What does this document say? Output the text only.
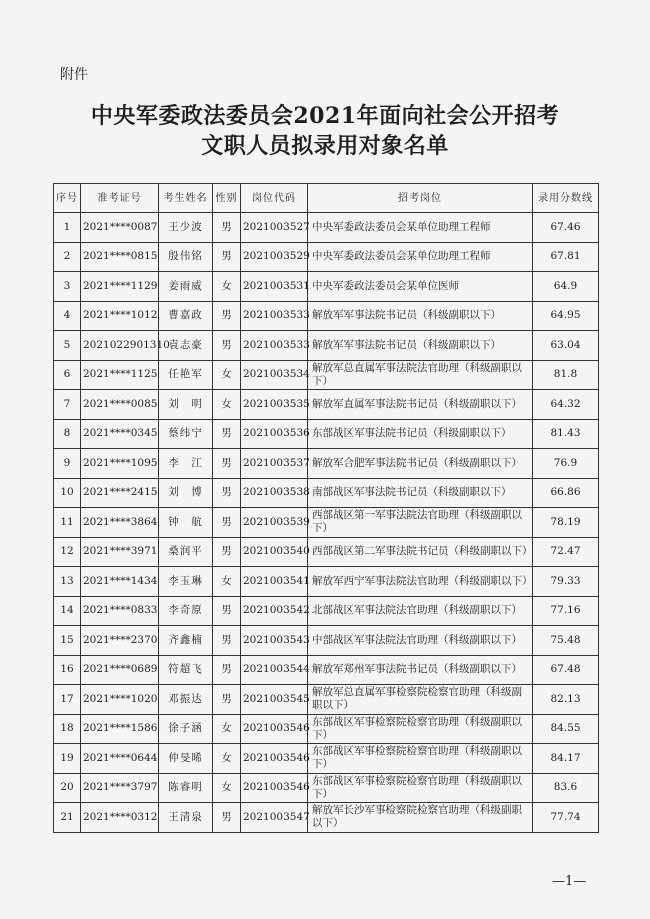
附件
中央军委政法委员会2021年面向社会公开招考
文职人员拟录用对象名单
序号	准考证号	考生姓名	性别	岗位代码	招考岗位	录用分数线
1	2021****0087	王少波	男	2021003527	中央军委政法委员会某单位助理工程师	67.46
2	2021****0815	殷伟铭	男	2021003529	中央军委政法委员会某单位助理工程师	67.81
3	2021****1129	姜雨威	女	2021003531	中央军委政法委员会某单位医师	64.9
4	2021****1012	曹嘉政	男	2021003533	解放军军事法院书记员（科级副职以下）	64.95
5	2021022901310	袁志豪	男	2021003533	解放军军事法院书记员（科级副职以下）	63.04
6	2021****1125	任艳军	女	2021003534	解放军总直属军事法院法官助理（科级副职以下）	81.8
7	2021****0085	刘　明	女	2021003535	解放军直属军事法院书记员（科级副职以下）	64.32
8	2021****0345	蔡纬宁	男	2021003536	东部战区军事法院书记员（科级副职以下）	81.43
9	2021****1095	李　江	男	2021003537	解放军合肥军事法院书记员（科级副职以下）	76.9
10	2021****2415	刘　博	男	2021003538	南部战区军事法院书记员（科级副职以下）	66.86
11	2021****3864	钟　航	男	2021003539	西部战区第一军事法院法官助理（科级副职以下）	78.19
12	2021****3971	桑润平	男	2021003540	西部战区第二军事法院书记员（科级副职以下）	72.47
13	2021****1434	李玉琳	女	2021003541	解放军西宁军事法院法官助理（科级副职以下）	79.33
14	2021****0833	李奇原	男	2021003542	北部战区军事法院法官助理（科级副职以下）	77.16
15	2021****2370	齐鑫楠	男	2021003543	中部战区军事法院法官助理（科级副职以下）	75.48
16	2021****0689	符超飞	男	2021003544	解放军郑州军事法院书记员（科级副职以下）	67.48
17	2021****1020	邓振达	男	2021003545	解放军总直属军事检察院检察官助理（科级副职以下）	82.13
18	2021****1586	徐子涵	女	2021003546	东部战区军事检察院检察官助理（科级副职以下）	84.55
19	2021****0644	仲旻晞	女	2021003546	东部战区军事检察院检察官助理（科级副职以下）	84.17
20	2021****3797	陈睿明	女	2021003546	东部战区军事检察院检察官助理（科级副职以下）	83.6
21	2021****0312	王清泉	男	2021003547	解放军长沙军事检察院检察官助理（科级副职以下）	77.74
—1—
